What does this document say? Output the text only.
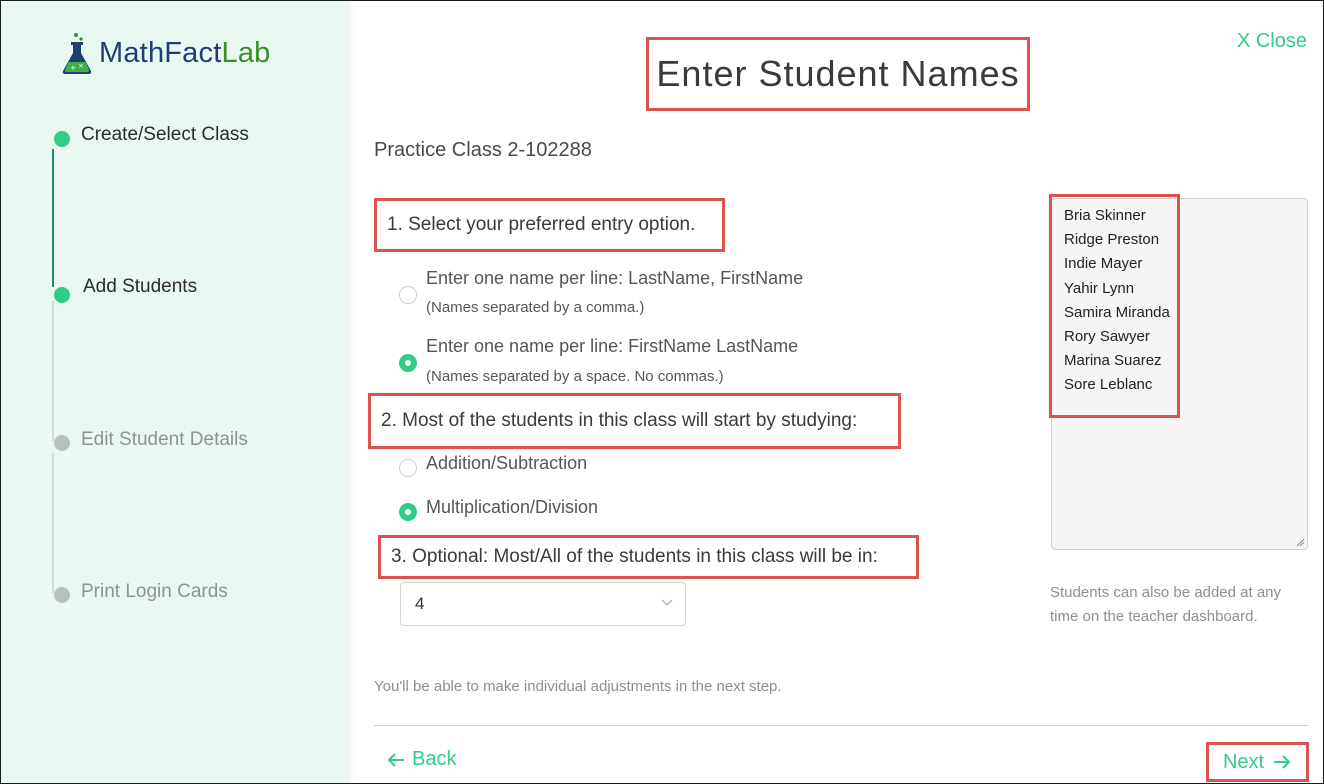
+ × MathFactLab
Create/Select Class
Add Students
Edit Student Details
Print Login Cards
X Close
Enter Student Names
Practice Class 2-102288
1. Select your preferred entry option.
Enter one name per line: LastName, FirstName
(Names separated by a comma.)
Enter one name per line: FirstName LastName
(Names separated by a space. No commas.)
2. Most of the students in this class will start by studying:
Addition/Subtraction
Multiplication/Division
3. Optional: Most/All of the students in this class will be in:
4
You'll be able to make individual adjustments in the next step.
Bria Skinner
Ridge Preston
Indie Mayer
Yahir Lynn
Samira Miranda
Rory Sawyer
Marina Suarez
Sore Leblanc
Students can also be added at any time on the teacher dashboard.
Back	Next
